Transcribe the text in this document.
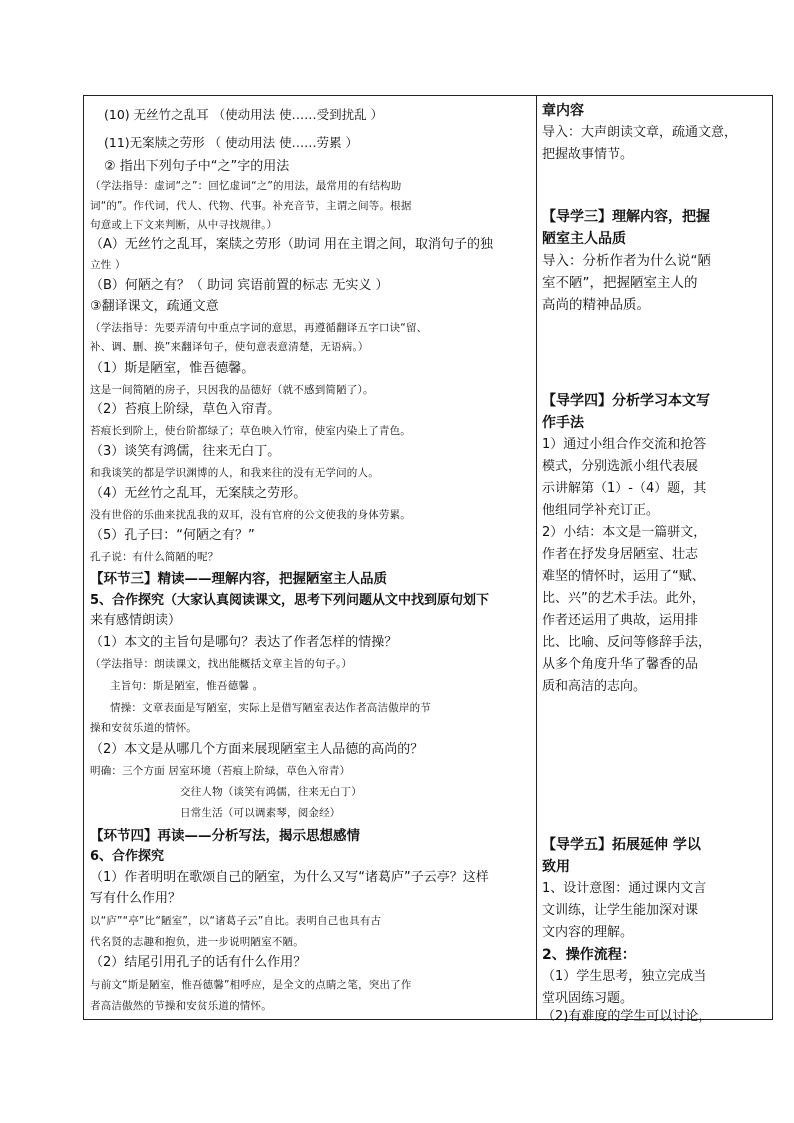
(10) 无丝竹之乱耳 （使动用法 使……受到扰乱 ）
(11)无案牍之劳形 （ 使动用法 使……劳累 ）
② 指出下列句子中“之”字的用法
（学法指导：虚词“之”：回忆虚词“之”的用法，最常用的有结构助
词“的”。作代词，代人、代物、代事。补充音节，主谓之间等。根据
句意或上下文来判断，从中寻找规律。）
（A）无丝竹之乱耳，案牍之劳形（助词 用在主谓之间，取消句子的独
立性 ）
（B）何陋之有？（ 助词 宾语前置的标志 无实义 ）
③翻译课文，疏通文意
（学法指导：先要弄清句中重点字词的意思，再遵循翻译五字口诀“留、
补、调、删、换”来翻译句子，使句意表意清楚，无语病。）
（1）斯是陋室，惟吾德馨。
这是一间简陋的房子，只因我的品德好（就不感到简陋了）。
（2）苔痕上阶绿，草色入帘青。
苔痕长到阶上，使台阶都绿了；草色映入竹帘，使室内染上了青色。
（3）谈笑有鸿儒，往来无白丁。
和我谈笑的都是学识渊博的人，和我来往的没有无学问的人。
（4）无丝竹之乱耳，无案牍之劳形。
没有世俗的乐曲来扰乱我的双耳，没有官府的公文使我的身体劳累。
（5）孔子曰：“何陋之有？”
孔子说：有什么简陋的呢？
【环节三】精读——理解内容，把握陋室主人品质
5、合作探究（大家认真阅读课文，思考下列问题从文中找到原句划下
来有感情朗读）
（1）本文的主旨句是哪句？表达了作者怎样的情操？
（学法指导：朗读课文，找出能概括文章主旨的句子。）
主旨句：斯是陋室，惟吾德馨 。
情操：文章表面是写陋室，实际上是借写陋室表达作者高洁傲岸的节
操和安贫乐道的情怀。
（2）本文是从哪几个方面来展现陋室主人品德的高尚的？
明确：三个方面 居室环境（苔痕上阶绿，草色入帘青）
交往人物（谈笑有鸿儒，往来无白丁）
日常生活（可以调素琴，阅金经）
【环节四】再读——分析写法，揭示思想感情
6、合作探究
（1）作者明明在歌颂自己的陋室，为什么又写“诸葛庐”子云亭？这样
写有什么作用？
以“庐”“亭”比“陋室”，以“诸葛子云”自比。表明自己也具有古
代名贤的志趣和抱负，进一步说明陋室不陋。
（2）结尾引用孔子的话有什么作用？
与前文“斯是陋室，惟吾德馨”相呼应，是全文的点睛之笔，突出了作
者高洁傲然的节操和安贫乐道的情怀。
章内容
导入：大声朗读文章，疏通文意，
把握故事情节。
【导学三】理解内容，把握
陋室主人品质
导入：分析作者为什么说“陋
室不陋”，把握陋室主人的
高尚的精神品质。
【导学四】分析学习本文写
作手法
1）通过小组合作交流和抢答
模式，分别选派小组代表展
示讲解第（1）-（4）题，其
他组同学补充订正。
2）小结：本文是一篇骈文，
作者在抒发身居陋室、壮志
难坚的情怀时，运用了“赋、
比、兴”的艺术手法。此外，
作者还运用了典故，运用排
比、比喻、反问等修辞手法，
从多个角度升华了馨香的品
质和高洁的志向。
【导学五】拓展延伸 学以
致用
1、设计意图：通过课内文言
文训练，让学生能加深对课
文内容的理解。
2、操作流程：
（1）学生思考，独立完成当
堂巩固练习题。
（2)有难度的学生可以讨论，
